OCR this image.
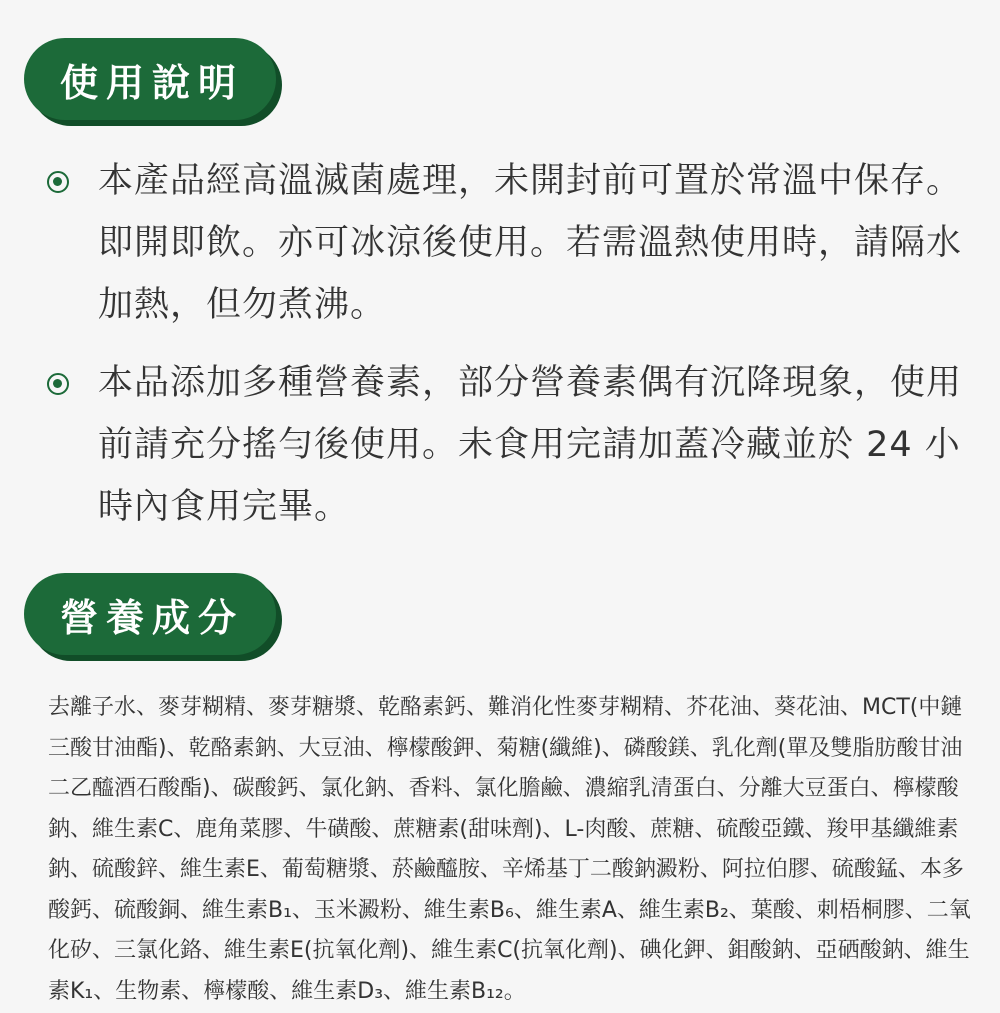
使用說明
本產品經高溫滅菌處理，未開封前可置於常溫中保存。即開即飲。亦可冰涼後使用。若需溫熱使用時，請隔水加熱，但勿煮沸。
本品添加多種營養素，部分營養素偶有沉降現象，使用前請充分搖勻後使用。未食用完請加蓋冷藏並於 24 小時內食用完畢。
營養成分

去離子水、麥芽糊精、麥芽糖漿、乾酪素鈣、難消化性麥芽糊精、芥花油、葵花油、MCT(中鏈三酸甘油酯)、乾酪素鈉、大豆油、檸檬酸鉀、菊糖(纖維)、磷酸鎂、乳化劑(單及雙脂肪酸甘油二乙醯酒石酸酯)、碳酸鈣、氯化鈉、香料、氯化膽鹼、濃縮乳清蛋白、分離大豆蛋白、檸檬酸鈉、維生素C、鹿角菜膠、牛磺酸、蔗糖素(甜味劑)、L-肉酸、蔗糖、硫酸亞鐵、羧甲基纖維素鈉、硫酸鋅、維生素E、葡萄糖漿、菸鹼醯胺、辛烯基丁二酸鈉澱粉、阿拉伯膠、硫酸錳、本多酸鈣、硫酸銅、維生素B₁、玉米澱粉、維生素B₆、維生素A、維生素B₂、葉酸、刺梧桐膠、二氧化矽、三氯化鉻、維生素E(抗氧化劑)、維生素C(抗氧化劑)、碘化鉀、鉬酸鈉、亞硒酸鈉、維生素K₁、生物素、檸檬酸、維生素D₃、維生素B₁₂。
